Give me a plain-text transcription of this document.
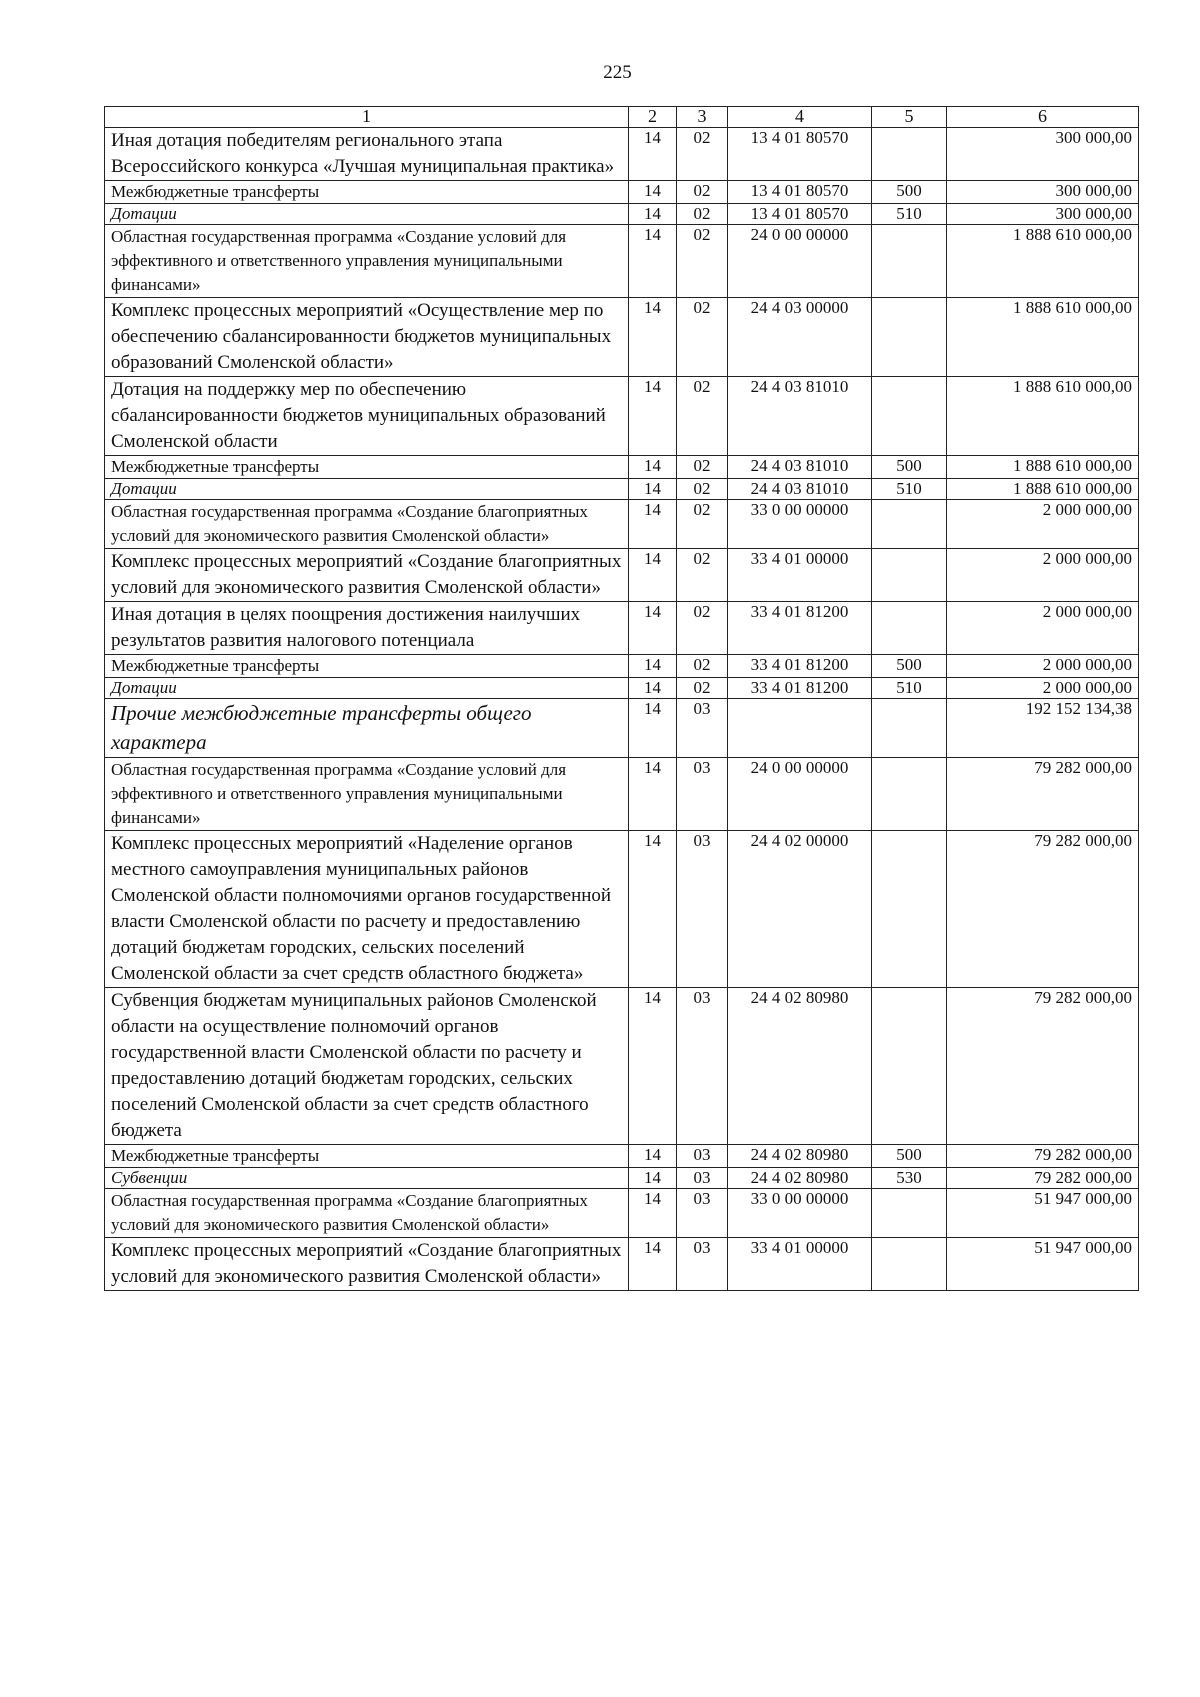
225
1	2	3	4	5	6
Иная дотация победителям регионального этапа Всероссийского конкурса «Лучшая муниципальная практика»	14	02	13 4 01 80570		300 000,00
Межбюджетные трансферты	14	02	13 4 01 80570	500	300 000,00
Дотации	14	02	13 4 01 80570	510	300 000,00
Областная государственная программа «Создание условий для эффективного и ответственного управления муниципальными финансами»	14	02	24 0 00 00000		1 888 610 000,00
Комплекс процессных мероприятий «Осуществление мер по обеспечению сбалансированности бюджетов муниципальных образований Смоленской области»	14	02	24 4 03 00000		1 888 610 000,00
Дотация на поддержку мер по обеспечению сбалансированности бюджетов муниципальных образований Смоленской области	14	02	24 4 03 81010		1 888 610 000,00
Межбюджетные трансферты	14	02	24 4 03 81010	500	1 888 610 000,00
Дотации	14	02	24 4 03 81010	510	1 888 610 000,00
Областная государственная программа «Создание благоприятных условий для экономического развития Смоленской области»	14	02	33 0 00 00000		2 000 000,00
Комплекс процессных мероприятий «Создание благоприятных условий для экономического развития Смоленской области»	14	02	33 4 01 00000		2 000 000,00
Иная дотация в целях поощрения достижения наилучших результатов развития налогового потенциала	14	02	33 4 01 81200		2 000 000,00
Межбюджетные трансферты	14	02	33 4 01 81200	500	2 000 000,00
Дотации	14	02	33 4 01 81200	510	2 000 000,00
Прочие межбюджетные трансферты общего характера	14	03			192 152 134,38
Областная государственная программа «Создание условий для эффективного и ответственного управления муниципальными финансами»	14	03	24 0 00 00000		79 282 000,00
Комплекс процессных мероприятий «Наделение органов местного самоуправления муниципальных районов Смоленской области полномочиями органов государственной власти Смоленской области по расчету и предоставлению дотаций бюджетам городских, сельских поселений Смоленской области за счет средств областного бюджета»	14	03	24 4 02 00000		79 282 000,00
Субвенция бюджетам муниципальных районов Смоленской области на осуществление полномочий органов государственной власти Смоленской области по расчету и предоставлению дотаций бюджетам городских, сельских поселений Смоленской области за счет средств областного бюджета	14	03	24 4 02 80980		79 282 000,00
Межбюджетные трансферты	14	03	24 4 02 80980	500	79 282 000,00
Субвенции	14	03	24 4 02 80980	530	79 282 000,00
Областная государственная программа «Создание благоприятных условий для экономического развития Смоленской области»	14	03	33 0 00 00000		51 947 000,00
Комплекс процессных мероприятий «Создание благоприятных условий для экономического развития Смоленской области»	14	03	33 4 01 00000		51 947 000,00
